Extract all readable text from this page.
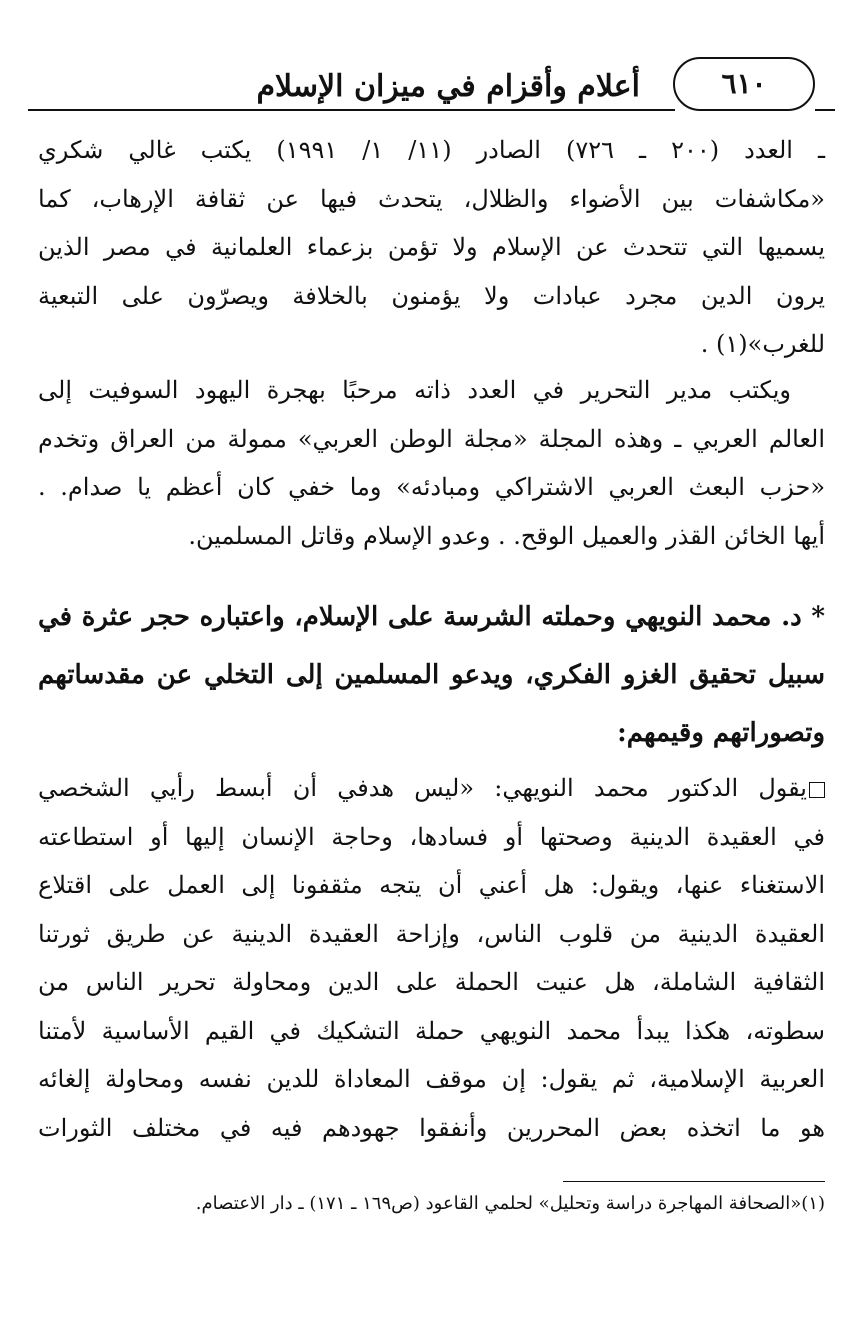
أعلام وأقزام في ميزان الإسلام	٦١٠

ـ العدد (٢٠٠ ـ ٧٢٦) الصادر (١١/ ١/ ١٩٩١) يكتب غالي شكري
«مكاشفات بين الأضواء والظلال، يتحدث فيها عن ثقافة الإرهاب، كما
يسميها التي تتحدث عن الإسلام ولا تؤمن بزعماء العلمانية في مصر الذين
يرون الدين مجرد عبادات ولا يؤمنون بالخلافة ويصرّون على التبعية
للغرب»(١) .

ويكتب مدير التحرير في العدد ذاته مرحبًا بهجرة اليهود السوفيت إلى
العالم العربي ـ وهذه المجلة «مجلة الوطن العربي» ممولة من العراق وتخدم
«حزب البعث العربي الاشتراكي ومبادئه» وما خفي كان أعظم يا صدام. .
أيها الخائن القذر والعميل الوقح. . وعدو الإسلام وقاتل المسلمين.

* د. محمد النويهي وحملته الشرسة على الإسلام، واعتباره حجر عثرة في
سبيل تحقيق الغزو الفكري، ويدعو المسلمين إلى التخلي عن مقدساتهم
وتصوراتهم وقيمهم:

يقول الدكتور محمد النويهي: «ليس هدفي أن أبسط رأيي الشخصي
في العقيدة الدينية وصحتها أو فسادها، وحاجة الإنسان إليها أو استطاعته
الاستغناء عنها، ويقول: هل أعني أن يتجه مثقفونا إلى العمل على اقتلاع
العقيدة الدينية من قلوب الناس، وإزاحة العقيدة الدينية عن طريق ثورتنا
الثقافية الشاملة، هل عنيت الحملة على الدين ومحاولة تحرير الناس من
سطوته، هكذا يبدأ محمد النويهي حملة التشكيك في القيم الأساسية لأمتنا
العربية الإسلامية، ثم يقول: إن موقف المعاداة للدين نفسه ومحاولة إلغائه
هو ما اتخذه بعض المحررين وأنفقوا جهودهم فيه في مختلف الثورات

(١)«الصحافة المهاجرة دراسة وتحليل» لحلمي القاعود (ص١٦٩ ـ ١٧١) ـ دار الاعتصام.
